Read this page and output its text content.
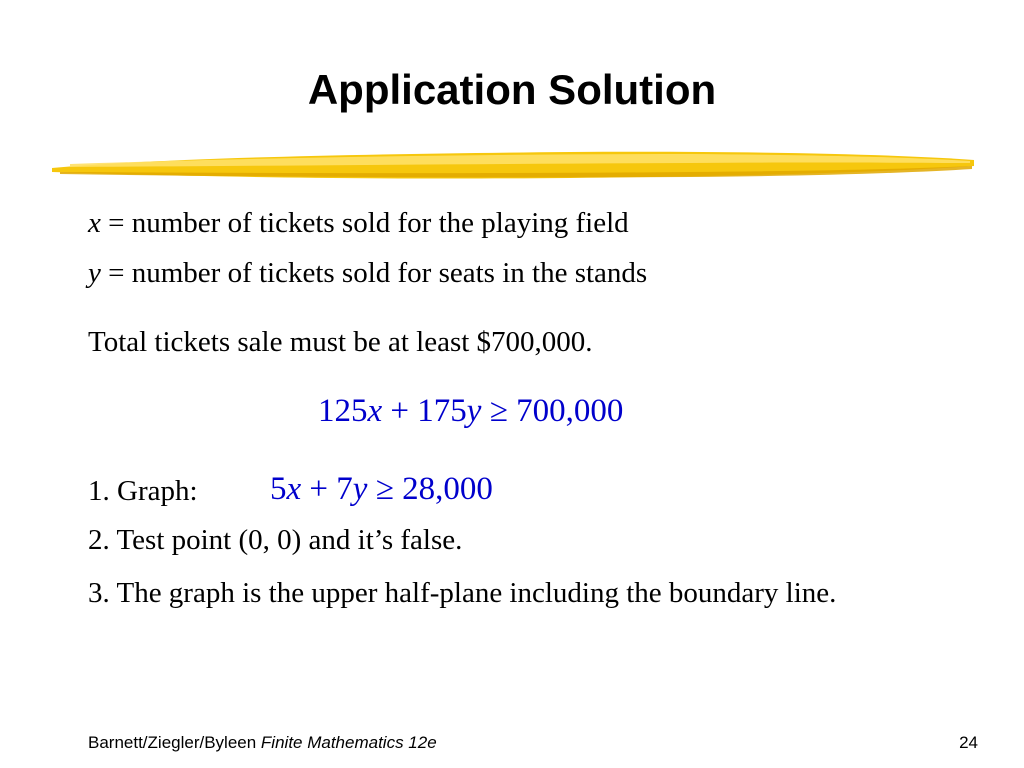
Application Solution
x = number of tickets sold for the playing field
y = number of tickets sold for seats in the stands
Total tickets sale must be at least $700,000.
125x + 175y ≥ 700,000
1. Graph: 5x + 7y ≥ 28,000
2. Test point (0, 0) and it’s false.
3. The graph is the upper half-plane including the boundary line.
Barnett/Ziegler/Byleen Finite Mathematics 12e	24
